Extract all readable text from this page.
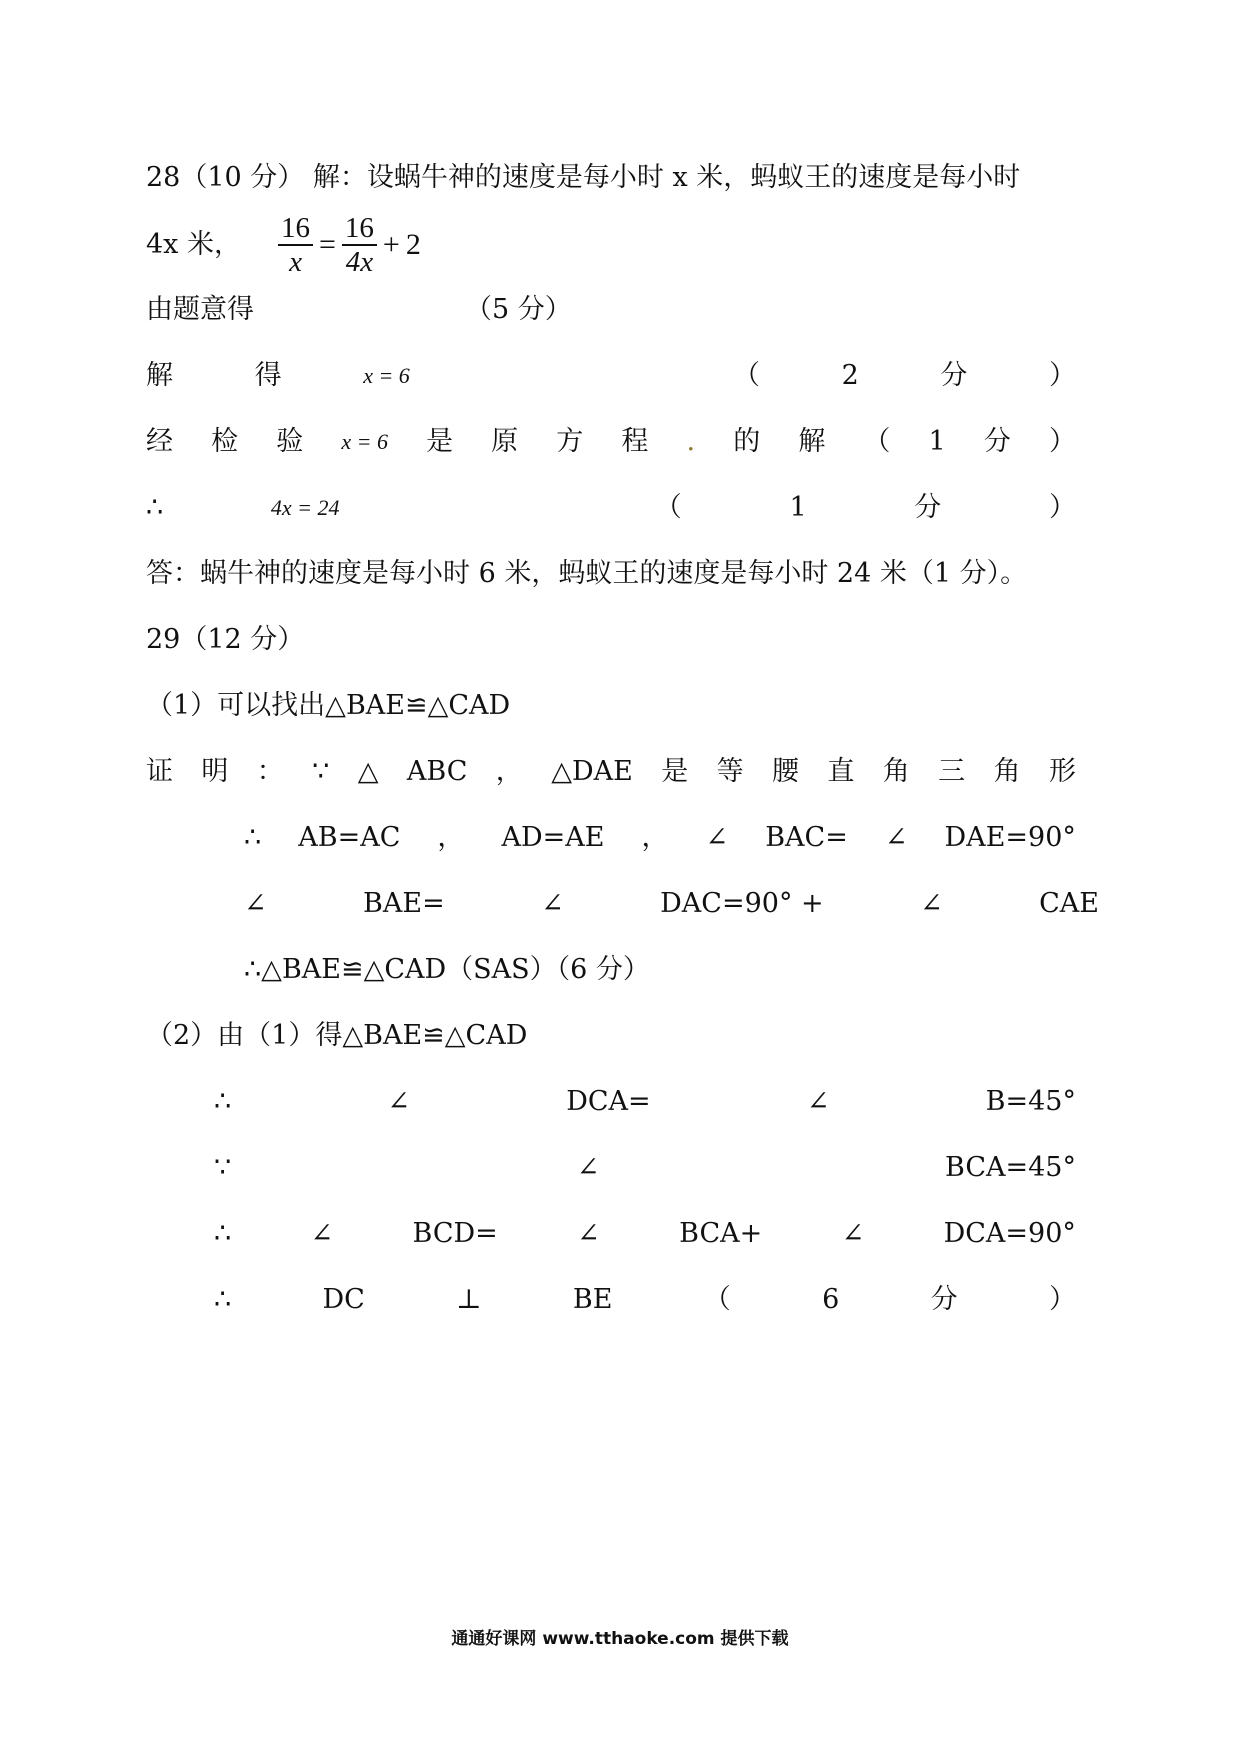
28（10 分） 解：设蜗牛神的速度是每小时 x 米，蚂蚁王的速度是每小时
4x 米， $\frac{16}{x} = \frac{16}{4x} + 2$
由题意得	（5 分）
解	得	x = 6	（	2	分	）
经 检 验 x = 6 是 原 方 程 . 的 解 （ 1 分 ）
∴	4x = 24	（	1	分	）
答：蜗牛神的速度是每小时 6 米，蚂蚁王的速度是每小时 24 米（1 分）。
29（12 分）
（1）可以找出△BAE≌△CAD
证 明 ： ∵ △ ABC ， △DAE 是 等 腰 直 角 三 角 形
∴ AB=AC ， AD=AE ， ∠ BAC= ∠ DAE=90°
∠	BAE=	∠	DAC=90° +	∠	CAE
∴△BAE≌△CAD（SAS）（6 分）
（2）由（1）得△BAE≌△CAD
∴	∠	DCA=	∠	B=45°
∵	∠	BCA=45°
∴	∠	BCD=	∠	BCA+	∠	DCA=90°
∴	DC	⊥	BE	（	6	分	）
通通好课网 www.tthaoke.com 提供下载
